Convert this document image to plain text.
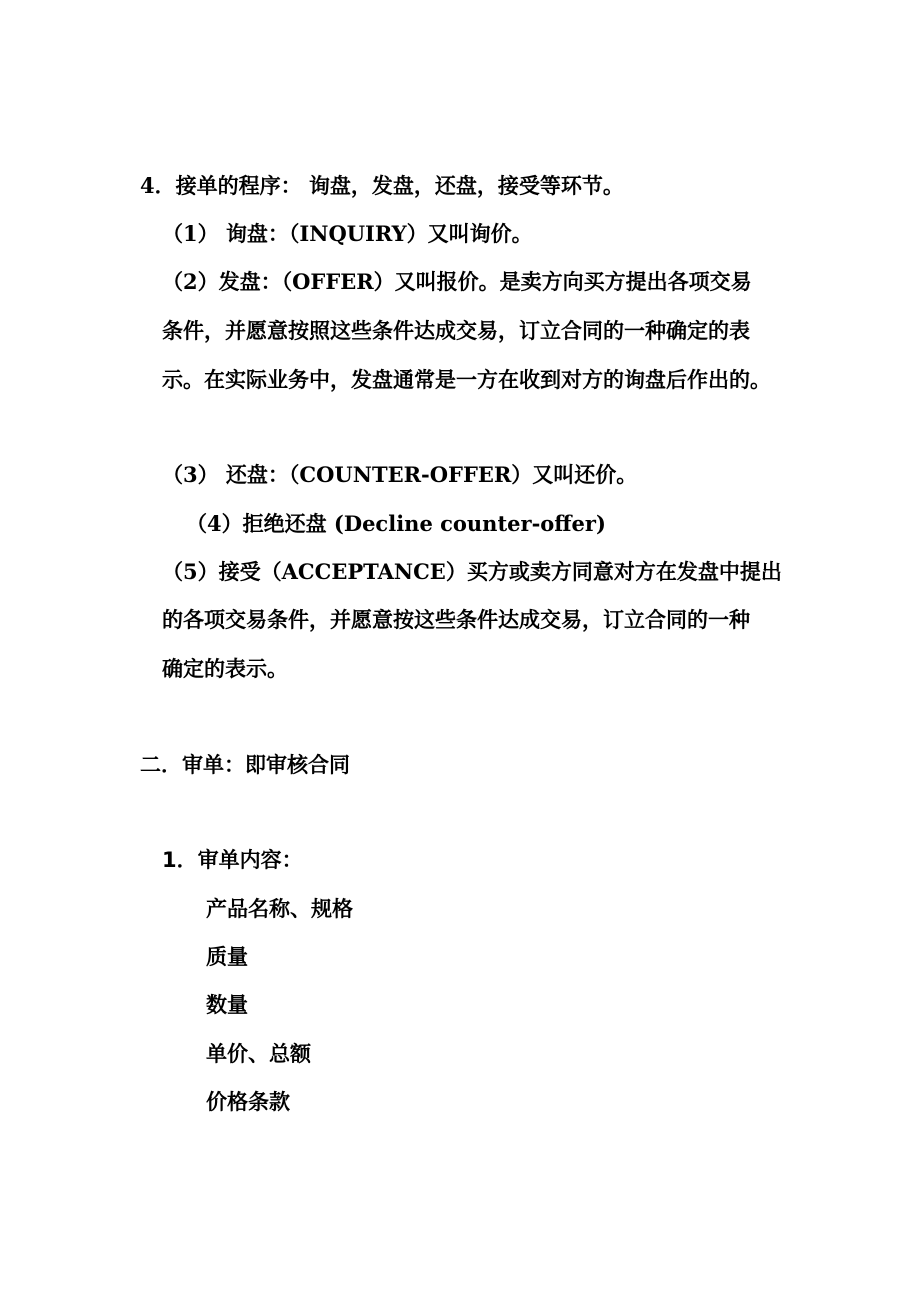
4．接单的程序： 询盘，发盘，还盘，接受等环节。
（1） 询盘：（INQUIRY）又叫询价。
（2）发盘：（OFFER）又叫报价。是卖方向买方提出各项交易
条件，并愿意按照这些条件达成交易，订立合同的一种确定的表
示。在实际业务中，发盘通常是一方在收到对方的询盘后作出的。
（3） 还盘：（COUNTER-OFFER）又叫还价。
（4）拒绝还盘 (Decline counter-offer)
（5）接受（ACCEPTANCE）买方或卖方同意对方在发盘中提出
的各项交易条件，并愿意按这些条件达成交易，订立合同的一种
确定的表示。
二．审单：即审核合同
1．审单内容：
产品名称、规格
质量
数量
单价、总额
价格条款
